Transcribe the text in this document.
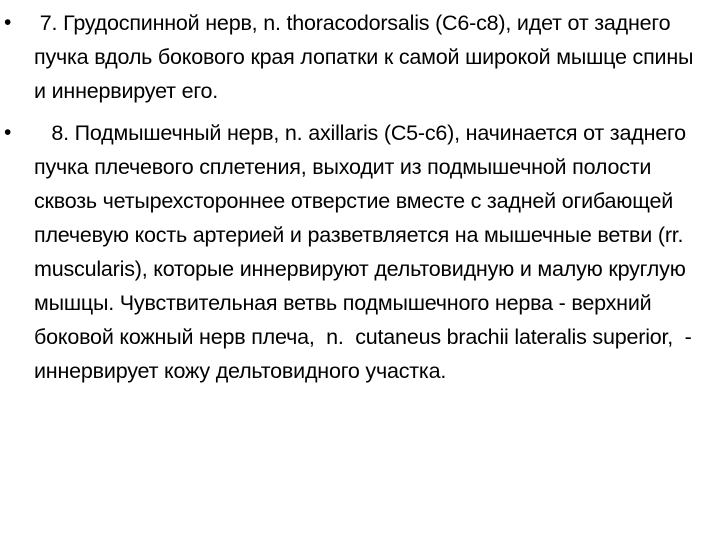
• 7. Грудоспинной нерв, n. thoracodorsalis (С6-с8), идет от заднего пучка вдоль бокового края лопатки к самой широкой мышце спины и иннервирует его.
• 8. Подмышечный нерв, n. axillaris (С5-с6), начинается от заднего пучка плечевого сплетения, выходит из подмышечной полости сквозь четырехстороннее отверстие вместе с задней огибающей плечевую кость артерией и разветвляется на мышечные ветви (rr. muscularis), которые иннервируют дельтовидную и малую круглую мышцы. Чувствительная ветвь подмышечного нерва - верхний боковой кожный нерв плеча,  n.  cutaneus brachii lateralis superior,  - иннервирует кожу дельтовидного участка.
